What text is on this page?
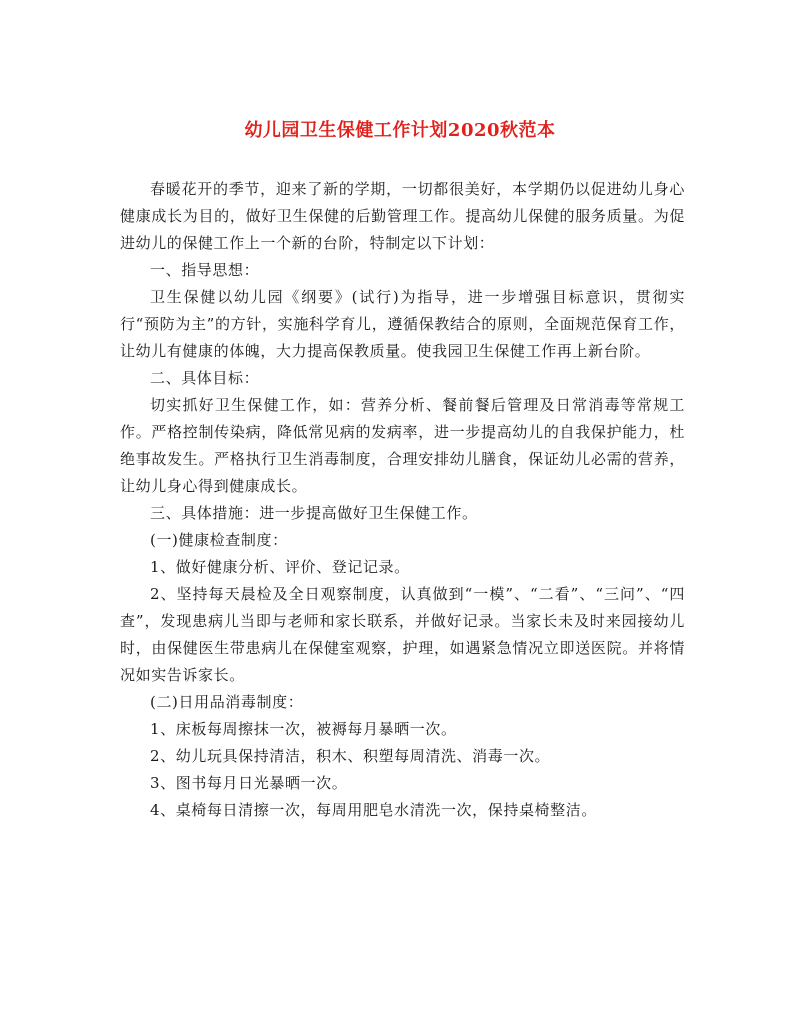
幼儿园卫生保健工作计划2020秋范本

春暖花开的季节，迎来了新的学期，一切都很美好，本学期仍以促进幼儿身心健康成长为目的，做好卫生保健的后勤管理工作。提高幼儿保健的服务质量。为促进幼儿的保健工作上一个新的台阶，特制定以下计划：

一、指导思想：

卫生保健以幼儿园《纲要》(试行)为指导，进一步增强目标意识，贯彻实行“预防为主”的方针，实施科学育儿，遵循保教结合的原则，全面规范保育工作，让幼儿有健康的体魄，大力提高保教质量。使我园卫生保健工作再上新台阶。

二、具体目标：

切实抓好卫生保健工作，如：营养分析、餐前餐后管理及日常消毒等常规工作。严格控制传染病，降低常见病的发病率，进一步提高幼儿的自我保护能力，杜绝事故发生。严格执行卫生消毒制度，合理安排幼儿膳食，保证幼儿必需的营养，让幼儿身心得到健康成长。

三、具体措施：进一步提高做好卫生保健工作。

(一)健康检查制度：

1、做好健康分析、评价、登记记录。

2、坚持每天晨检及全日观察制度，认真做到“一模”、“二看”、“三问”、“四查”，发现患病儿当即与老师和家长联系，并做好记录。当家长未及时来园接幼儿时，由保健医生带患病儿在保健室观察，护理，如遇紧急情况立即送医院。并将情况如实告诉家长。

(二)日用品消毒制度：

1、床板每周擦抹一次，被褥每月暴晒一次。

2、幼儿玩具保持清洁，积木、积塑每周清洗、消毒一次。

3、图书每月日光暴晒一次。

4、桌椅每日清擦一次，每周用肥皂水清洗一次，保持桌椅整洁。
